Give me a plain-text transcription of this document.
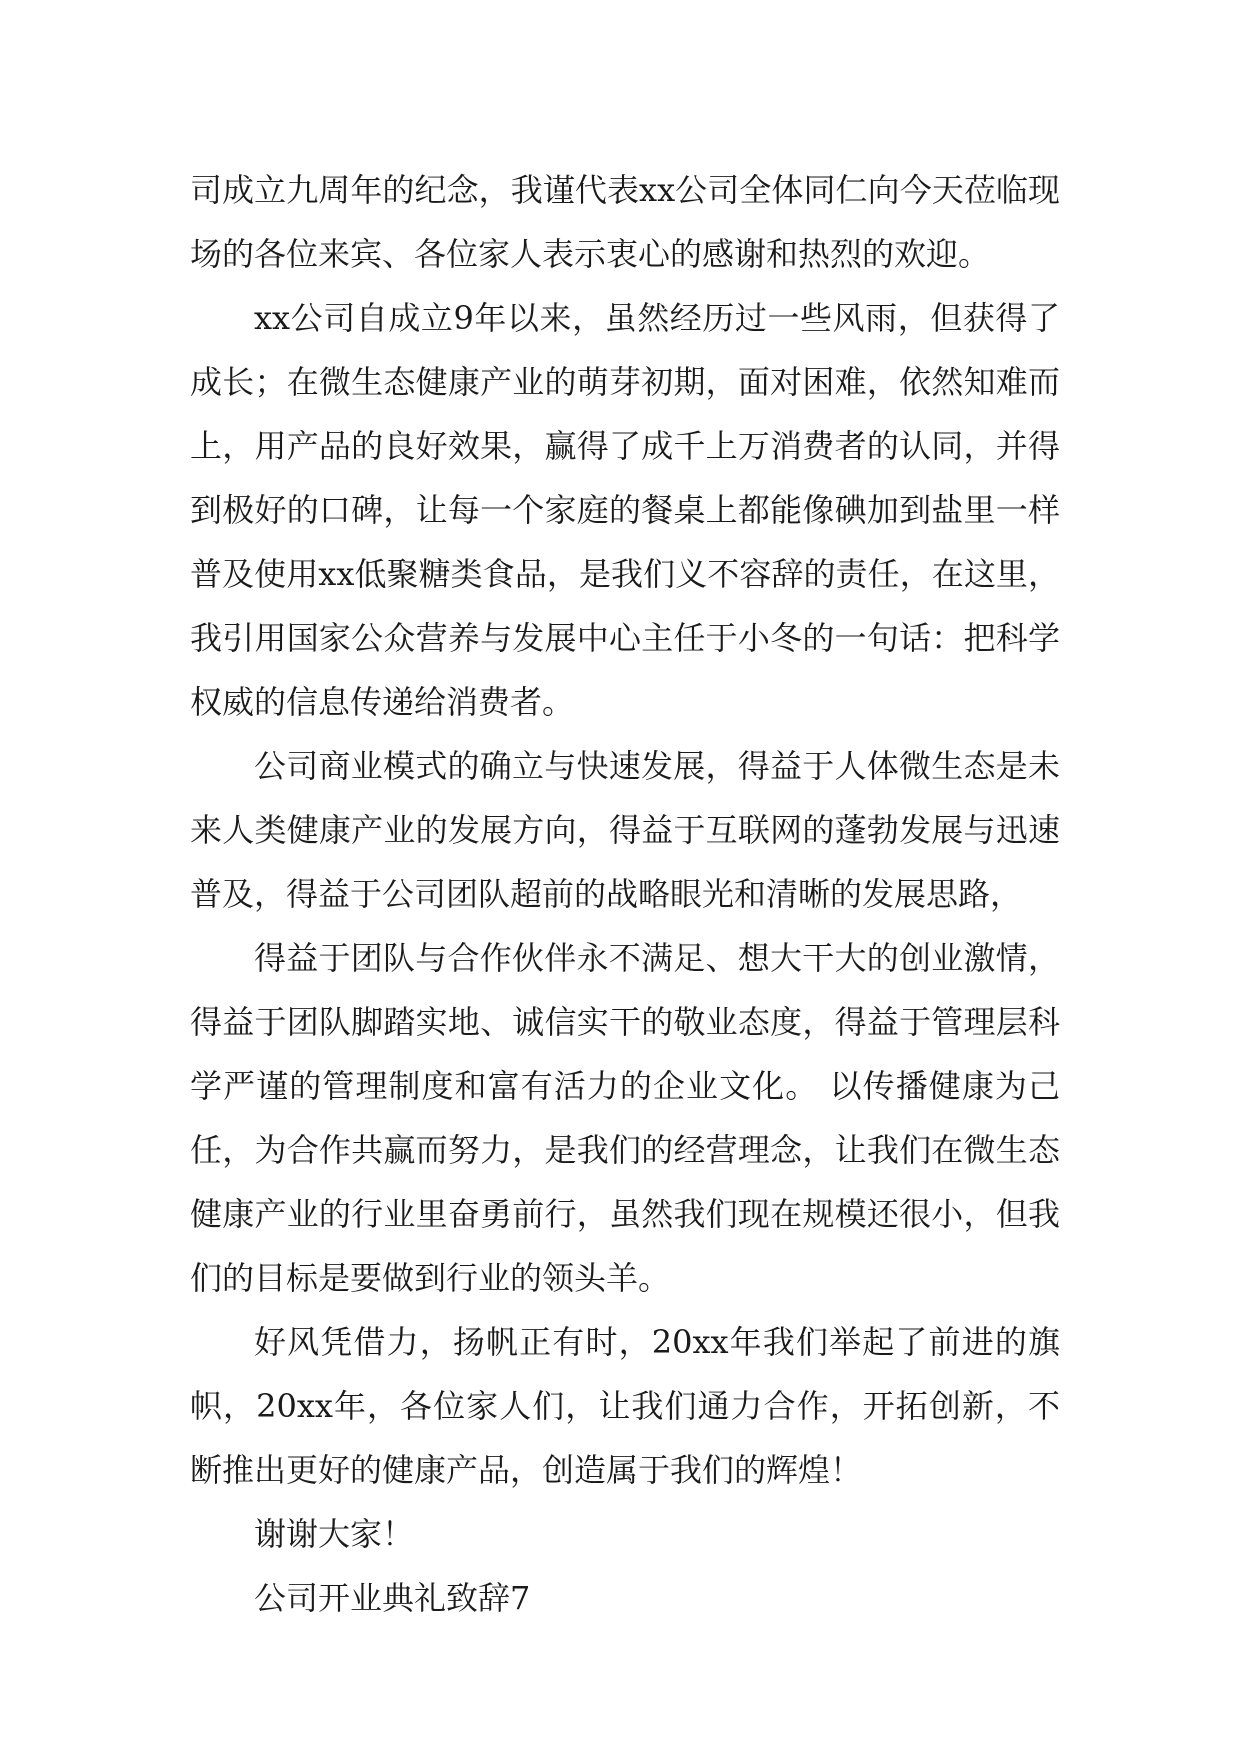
司成立九周年的纪念，我谨代表xx公司全体同仁向今天莅临现场的各位来宾、各位家人表示衷心的感谢和热烈的欢迎。

xx公司自成立9年以来，虽然经历过一些风雨，但获得了成长；在微生态健康产业的萌芽初期，面对困难，依然知难而上，用产品的良好效果，赢得了成千上万消费者的认同，并得到极好的口碑，让每一个家庭的餐桌上都能像碘加到盐里一样普及使用xx低聚糖类食品，是我们义不容辞的责任，在这里，我引用国家公众营养与发展中心主任于小冬的一句话：把科学权威的信息传递给消费者。

公司商业模式的确立与快速发展，得益于人体微生态是未来人类健康产业的发展方向，得益于互联网的蓬勃发展与迅速普及，得益于公司团队超前的战略眼光和清晰的发展思路，

得益于团队与合作伙伴永不满足、想大干大的创业激情，得益于团队脚踏实地、诚信实干的敬业态度，得益于管理层科学严谨的管理制度和富有活力的企业文化。 以传播健康为己任，为合作共赢而努力，是我们的经营理念，让我们在微生态健康产业的行业里奋勇前行，虽然我们现在规模还很小，但我们的目标是要做到行业的领头羊。

好风凭借力，扬帆正有时，20xx年我们举起了前进的旗帜，20xx年，各位家人们，让我们通力合作，开拓创新，不断推出更好的健康产品，创造属于我们的辉煌！

谢谢大家！

公司开业典礼致辞7
